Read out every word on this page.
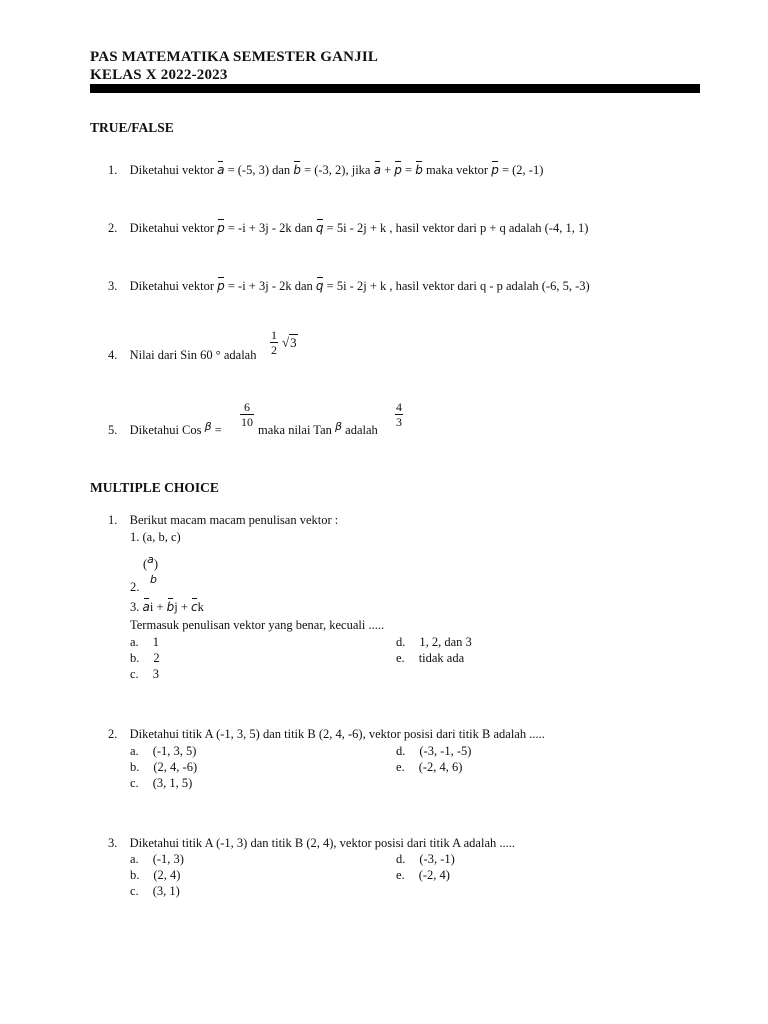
PAS MATEMATIKA SEMESTER GANJIL
KELAS X 2022-2023
TRUE/FALSE
1. Diketahui vektor a = (-5, 3) dan b = (-3, 2), jika a + p = b maka vektor p = (2, -1)
2. Diketahui vektor p = -i + 3j - 2k dan q = 5i - 2j + k , hasil vektor dari p + q adalah (-4, 1, 1)
3. Diketahui vektor p = -i + 3j - 2k dan q = 5i - 2j + k , hasil vektor dari q - p adalah (-6, 5, -3)
4. Nilai dari Sin 60 ° adalah $\frac{1}{2} √3$
5. Diketahui Cos β =
$\frac{6}{10}$
maka nilai Tan β adalah
$\frac{4}{3}$
MULTIPLE CHOICE
1. Berikut macam macam penulisan vektor :
1. (a, b, c)
(a)
b
2.
3. ai + bj + ck
Termasuk penulisan vektor yang benar, kecuali .....
a. 1
b. 2
c. 3
d. 1, 2, dan 3
e. tidak ada
2. Diketahui titik A (-1, 3, 5) dan titik B (2, 4, -6), vektor posisi dari titik B adalah .....
a. (-1, 3, 5)
b. (2, 4, -6)
c. (3, 1, 5)
d. (-3, -1, -5)
e. (-2, 4, 6)
3. Diketahui titik A (-1, 3) dan titik B (2, 4), vektor posisi dari titik A adalah .....
a. (-1, 3)
b. (2, 4)
c. (3, 1)
d. (-3, -1)
e. (-2, 4)
